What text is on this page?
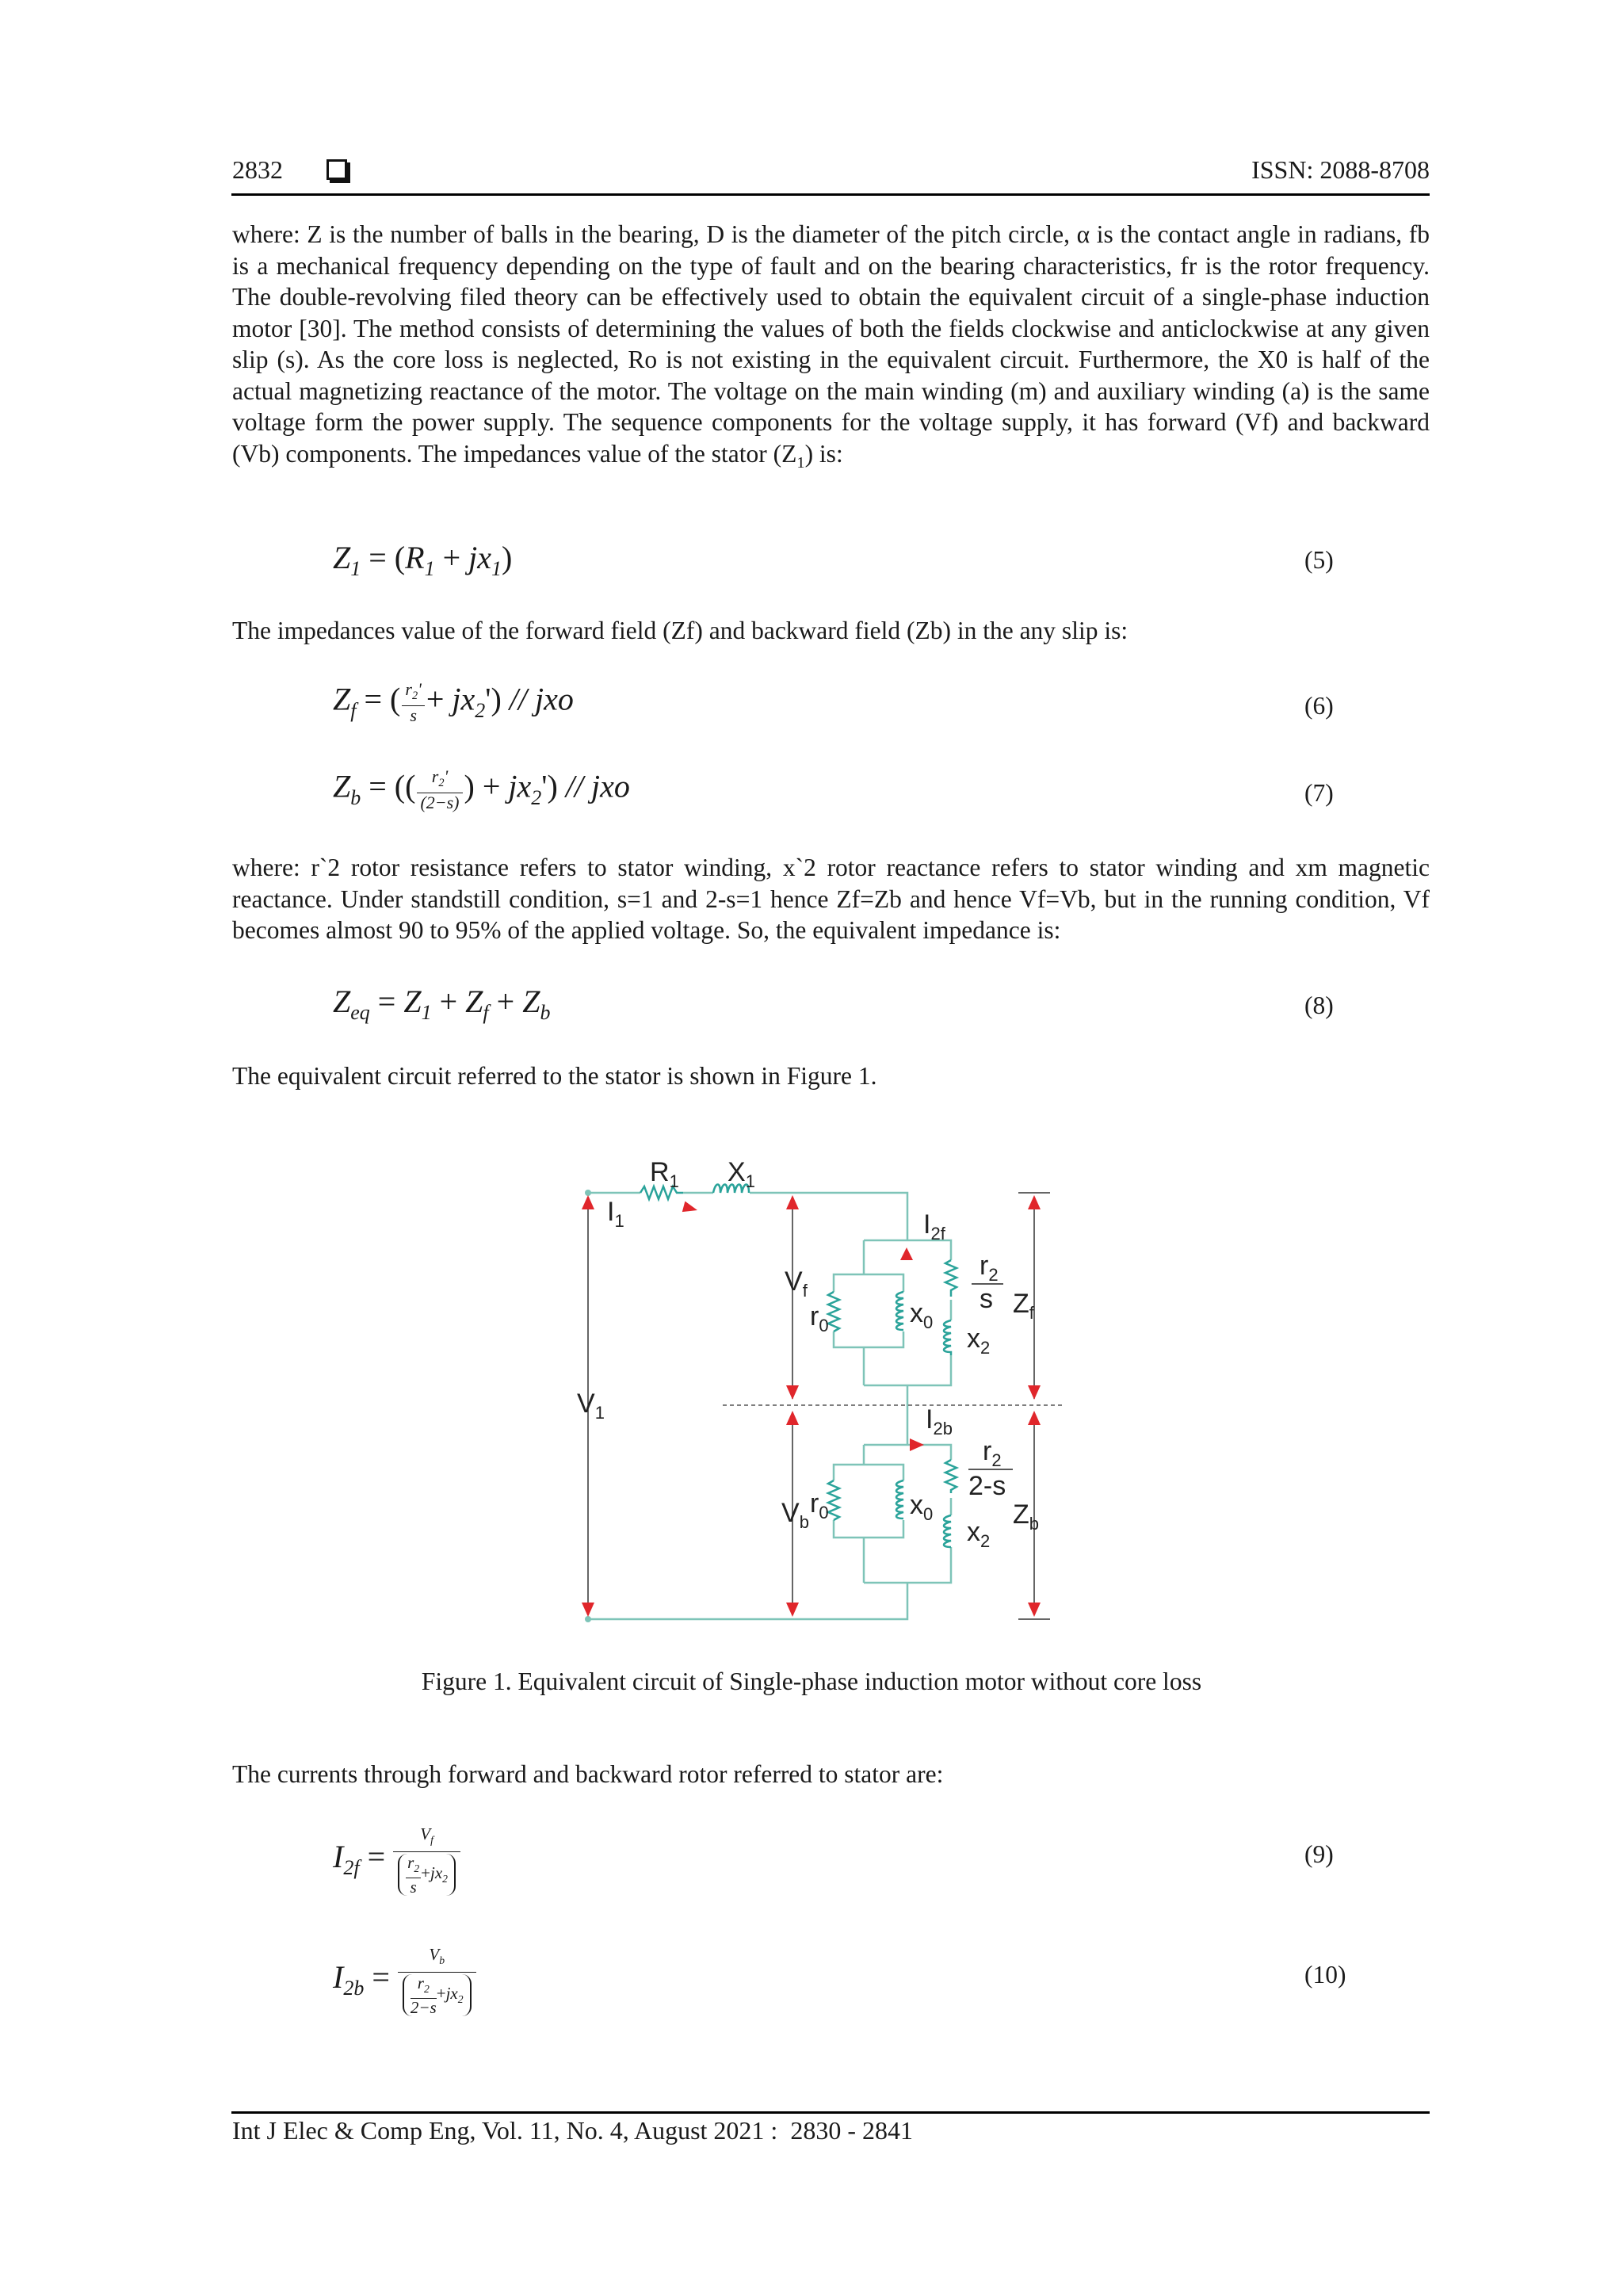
2832	ISSN: 2088-8708
where: Z is the number of balls in the bearing, D is the diameter of the pitch circle, α is the contact angle in radians, fb is a mechanical frequency depending on the type of fault and on the bearing characteristics, fr is the rotor frequency. The double-revolving filed theory can be effectively used to obtain the equivalent circuit of a single-phase induction motor [30]. The method consists of determining the values of both the fields clockwise and anticlockwise at any given slip (s). As the core loss is neglected, Ro is not existing in the equivalent circuit. Furthermore, the X0 is half of the actual magnetizing reactance of the motor. The voltage on the main winding (m) and auxiliary winding (a) is the same voltage form the power supply. The sequence components for the voltage supply, it has forward (Vf) and backward (Vb) components. The impedances value of the stator $(Z_1)$ is:
$Z_1 = (R_1 + jx_1)$	(5)
The impedances value of the forward field (Zf) and backward field (Zb) in the any slip is:
$Z_f$ = ( $\frac{r_2'}{s} + jx_2'$) // jxo	(6)
$Z_b$ = (( $\frac{r_2'}{(2-s)}$ ) + $jx_2'$) // jxo	(7)
where: r`2 rotor resistance refers to stator winding, x`2 rotor reactance refers to stator winding and xm magnetic reactance. Under standstill condition, s=1 and 2-s=1 hence Zf=Zb and hence Vf=Vb, but in the running condition, Vf becomes almost 90 to 95% of the applied voltage. So, the equivalent impedance is:
$Z_{eq} = Z_1 + Z_f + Z_b$	(8)
The equivalent circuit referred to the stator is shown in Figure 1.
$R_1$ $X_1$
$I_1$	$I_{2f}$
$I_{2b}$
$V_f$
$V_b$
$V_1$
$r_0$
$r_0$
$x_0$
$x_0$
$r_2$
s
$x_2$
$r_2$
2-s
$x_2$
$Z_f$
$Z_b$
Figure 1. Equivalent circuit of Single-phase induction motor without core loss
The currents through forward and backward rotor referred to stator are:
$I_{2f} = \frac{V_f}{\frac{r_2}{s}+jx_2}$	(9)
$I_{2b} = \frac{V_b}{\frac{r_2}{2-s}+jx_2}$	(10)
Int J Elec & Comp Eng, Vol. 11, No. 4, August 2021 :  2830 - 2841
